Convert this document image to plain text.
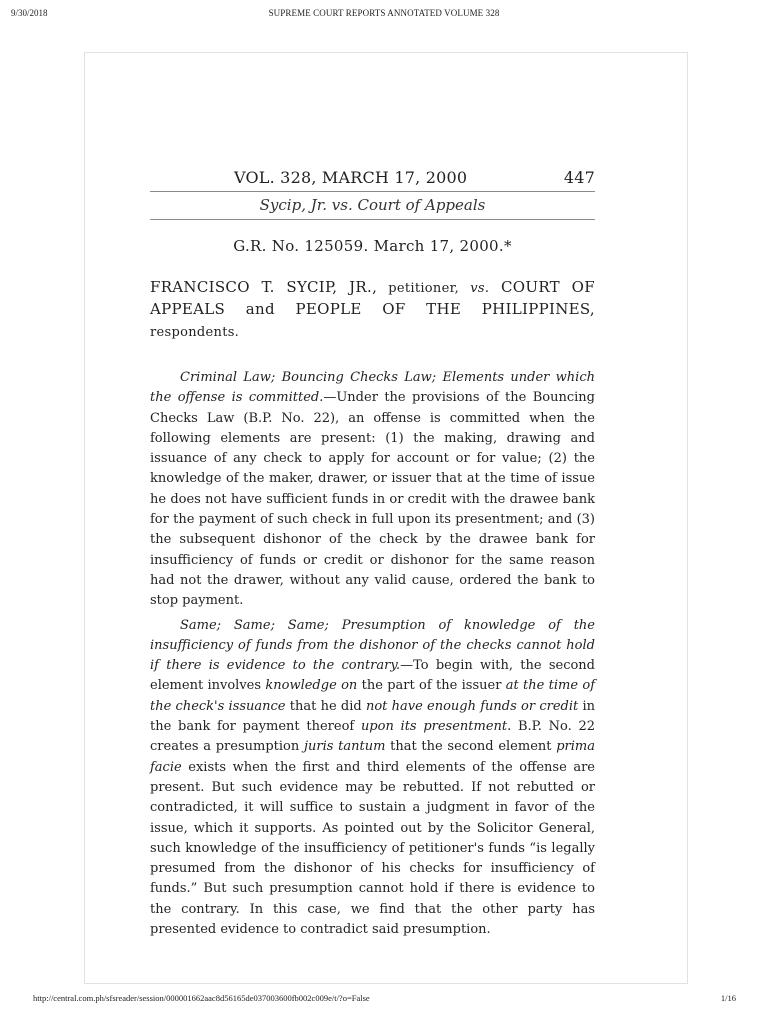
9/30/2018	SUPREME COURT REPORTS ANNOTATED VOLUME 328
VOL. 328, MARCH 17, 2000	447
Sycip, Jr. vs. Court of Appeals
G.R. No. 125059. March 17, 2000.*
FRANCISCO T. SYCIP, JR., petitioner, vs. COURT OF APPEALS and PEOPLE OF THE PHILIPPINES, respondents.

Criminal Law; Bouncing Checks Law; Elements under which the offense is committed.—Under the provisions of the Bouncing Checks Law (B.P. No. 22), an offense is committed when the following elements are present: (1) the making, drawing and issuance of any check to apply for account or for value; (2) the knowledge of the maker, drawer, or issuer that at the time of issue he does not have sufficient funds in or credit with the drawee bank for the payment of such check in full upon its presentment; and (3) the subsequent dishonor of the check by the drawee bank for insufficiency of funds or credit or dishonor for the same reason had not the drawer, without any valid cause, ordered the bank to stop payment.

Same; Same; Same; Presumption of knowledge of the insufficiency of funds from the dishonor of the checks cannot hold if there is evidence to the contrary.—To begin with, the second element involves knowledge on the part of the issuer at the time of the check's issuance that he did not have enough funds or credit in the bank for payment thereof upon its presentment. B.P. No. 22 creates a presumption juris tantum that the second element prima facie exists when the first and third elements of the offense are present. But such evidence may be rebutted. If not rebutted or contradicted, it will suffice to sustain a judgment in favor of the issue, which it supports. As pointed out by the Solicitor General, such knowledge of the insufficiency of petitioner's funds “is legally presumed from the dishonor of his checks for insufficiency of funds.” But such presumption cannot hold if there is evidence to the contrary. In this case, we find that the other party has presented evidence to contradict said presumption.

http://central.com.ph/sfsreader/session/000001662aac8d56165de037003600fb002c009e/t/?o=False	1/16
